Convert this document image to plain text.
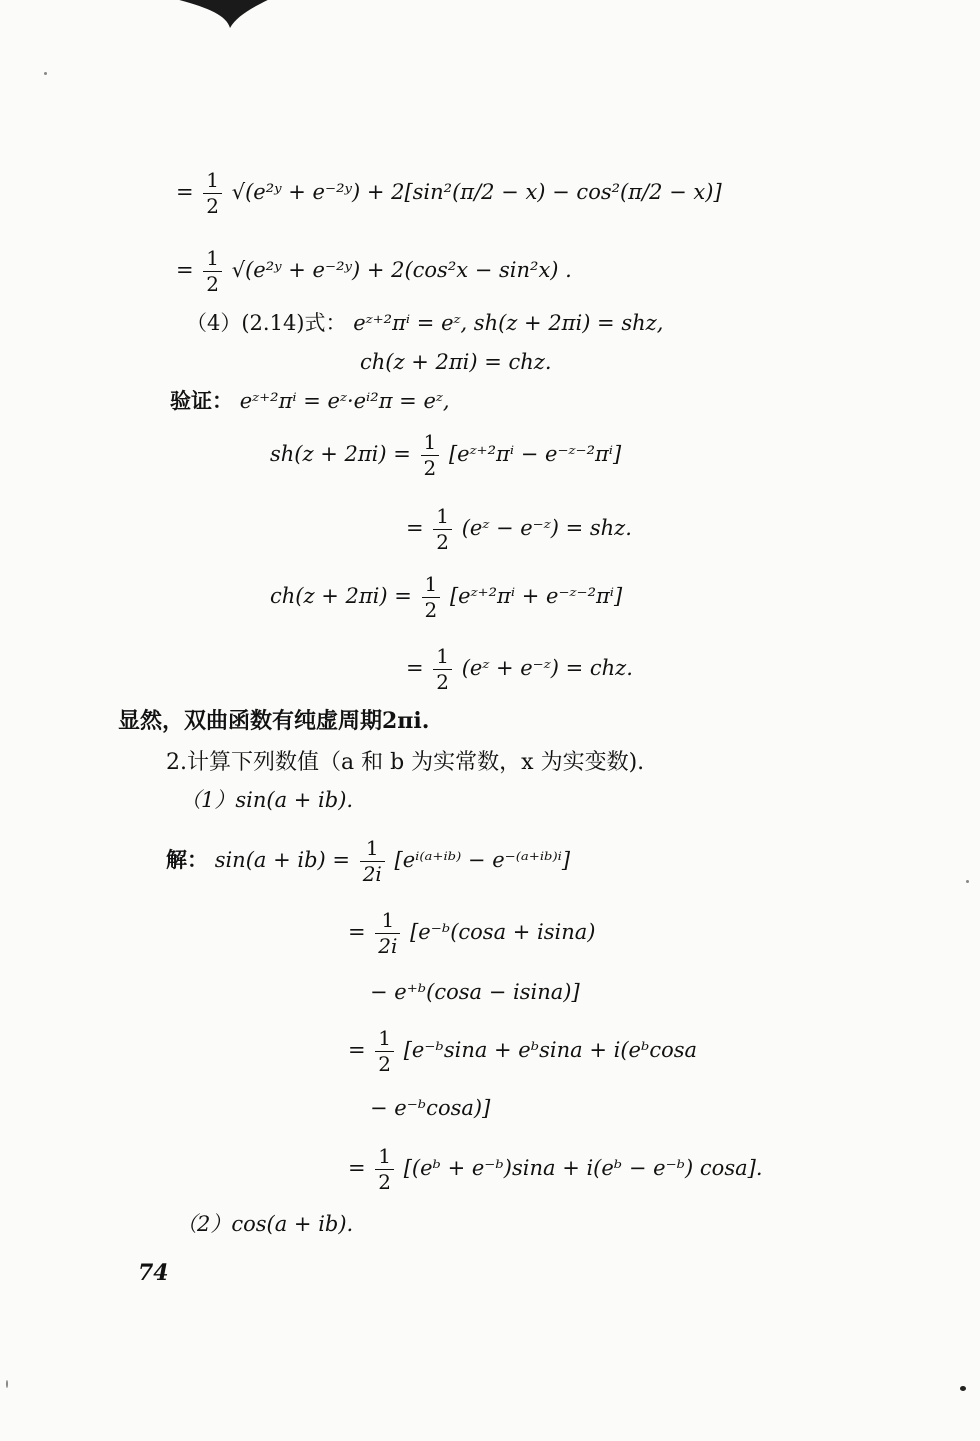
= $\frac{1}{2}$ √(e²ʸ + e⁻²ʸ) + 2[sin²(π/2 − x) − cos²(π/2 − x)]
= $\frac{1}{2}$ √(e²ʸ + e⁻²ʸ) + 2(cos²x − sin²x) .
（4）(2.14)式： eᶻ⁺²πⁱ = eᶻ, sh(z + 2πi) = shz,
ch(z + 2πi) = chz.
验证： eᶻ⁺²πⁱ = eᶻ·eⁱ²π = eᶻ,
$sh(z + 2\pi i) = \frac{1}{2}$ [eᶻ⁺²πⁱ − e⁻ᶻ⁻²πⁱ]
= $\frac{1}{2}$ (eᶻ − e⁻ᶻ) = shz.
$ch(z + 2\pi i) = \frac{1}{2}$ [eᶻ⁺²πⁱ + e⁻ᶻ⁻²πⁱ]
= $\frac{1}{2}$ (eᶻ + e⁻ᶻ) = chz.
显然，双曲函数有纯虚周期2πi.
2.计算下列数值（a 和 b 为实常数，x 为实变数).
（1）sin(a + ib).
解： $\sin(a + ib) = \frac{1}{2i}$ [eⁱ⁽ᵃ⁺ⁱᵇ⁾ − e⁻⁽ᵃ⁺ⁱᵇ⁾ⁱ]
= $\frac{1}{2i}$ [e⁻ᵇ(cosa + isina)
− e⁺ᵇ(cosa − isina)]
= $\frac{1}{2}$ [e⁻ᵇsina + eᵇsina + i(eᵇcosa
− e⁻ᵇcosa)]
= $\frac{1}{2}$ [(eᵇ + e⁻ᵇ)sina + i(eᵇ − e⁻ᵇ) cosa].
（2）cos(a + ib).
74
